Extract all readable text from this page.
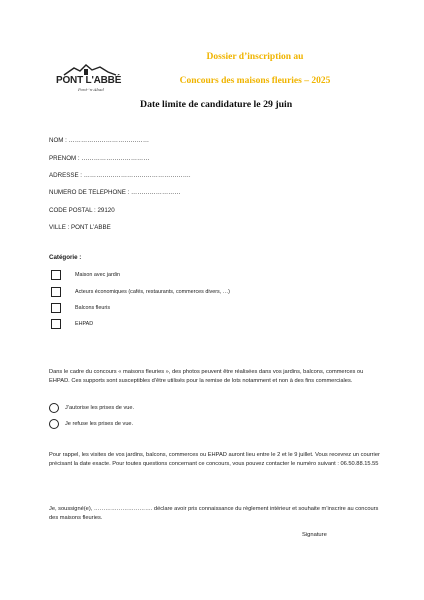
PONT L'ABBÉ
Pont-'n-Abad
Dossier d’inscription au
Concours des maisons fleuries – 2025
Date limite de candidature le 29 juin
NOM : …………………………………
PRENOM : ……………………………
ADRESSE : …………………………………………….
NUMERO DE TELEPHONE : ……………………
CODE POSTAL : 29120
VILLE : PONT L’ABBE
Catégorie :
Maison avec jardin
Acteurs économiques (cafés, restaurants, commerces divers, …)
Balcons fleuris
EHPAD
Dans le cadre du concours « maisons fleuries », des photos peuvent être réalisées dans vos jardins, balcons, commerces ou EHPAD. Ces supports sont susceptibles d’être utilisés pour la remise de lots notamment et non à des fins commerciales.
J’autorise les prises de vue.
Je refuse les prises de vue.
Pour rappel, les visites de vos jardins, balcons, commerces ou EHPAD auront lieu entre le 2 et le 9 juillet. Vous recevrez un courrier précisant la date exacte. Pour toutes questions concernant ce concours, vous pouvez contacter le numéro suivant : 06.50.88.15.55
Je, soussigné(e), …………………………. déclare avoir pris connaissance du règlement intérieur et souhaite m’inscrire au concours des maisons fleuries.
Signature
